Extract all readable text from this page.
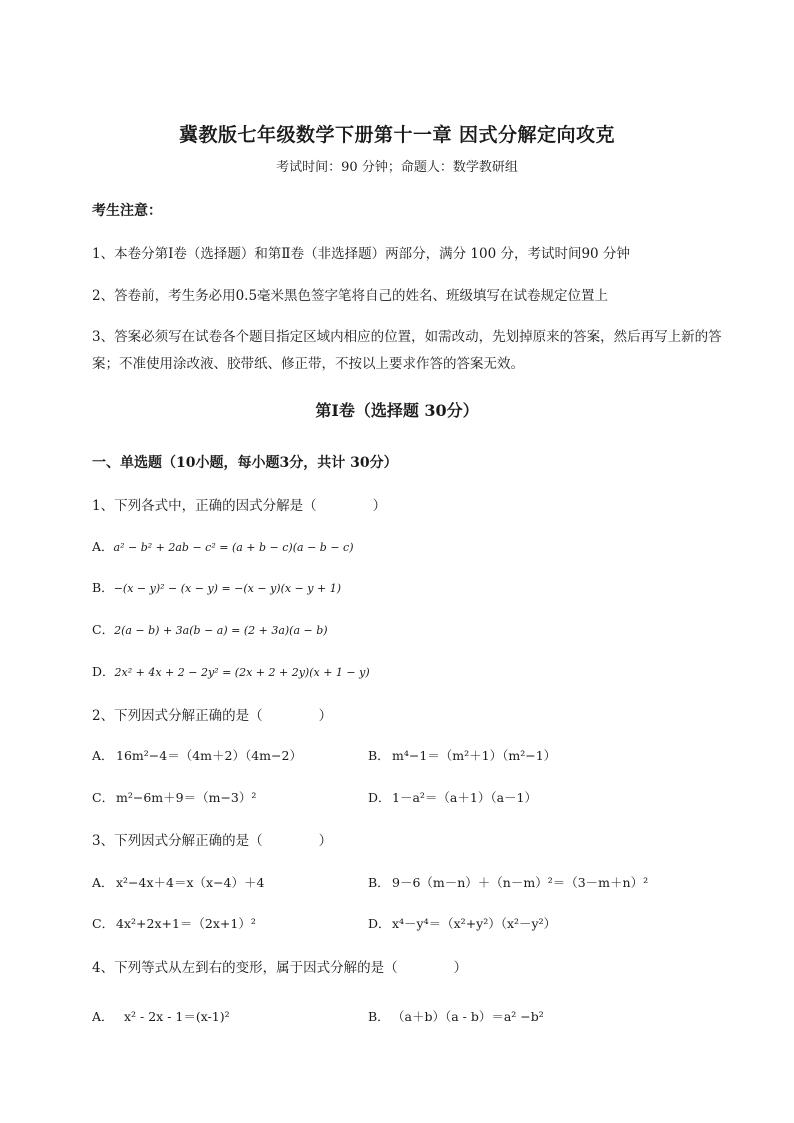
冀教版七年级数学下册第十一章 因式分解定向攻克
考试时间：90 分钟；命题人：数学教研组
考生注意：
1、本卷分第Ⅰ卷（选择题）和第Ⅱ卷（非选择题）两部分，满分 100 分，考试时间90 分钟
2、答卷前，考生务必用0.5毫米黑色签字笔将自己的姓名、班级填写在试卷规定位置上
3、答案必须写在试卷各个题目指定区域内相应的位置，如需改动，先划掉原来的答案，然后再写上新的答案；不准使用涂改液、胶带纸、修正带，不按以上要求作答的答案无效。
第Ⅰ卷（选择题 30分）
一、单选题（10小题，每小题3分，共计 30分）
1、下列各式中，正确的因式分解是（	）
A．a² − b² + 2ab − c² = (a + b − c)(a − b − c)
B．−(x − y)² − (x − y) = −(x − y)(x − y + 1)
C．2(a − b) + 3a(b − a) = (2 + 3a)(a − b)
D．2x² + 4x + 2 − 2y² = (2x + 2 + 2y)(x + 1 − y)
2、下列因式分解正确的是（	）
A． 16m²−4＝（4m＋2）（4m−2）	B． m⁴−1＝（m²＋1）（m²−1）
C． m²−6m＋9＝（m−3）²	D． 1－a²＝（a＋1）（a－1）
3、下列因式分解正确的是（	）
A． x²−4x＋4＝x（x−4）＋4	B． 9－6（m－n）＋（n－m）²＝（3－m＋n）²
C． 4x²+2x+1＝（2x+1）²	D． x⁴－y⁴＝（x²+y²）（x²－y²）
4、下列等式从左到右的变形，属于因式分解的是（	）
A． x² - 2x - 1＝(x-1)²	B． （a＋b）（a - b）＝a² −b²
